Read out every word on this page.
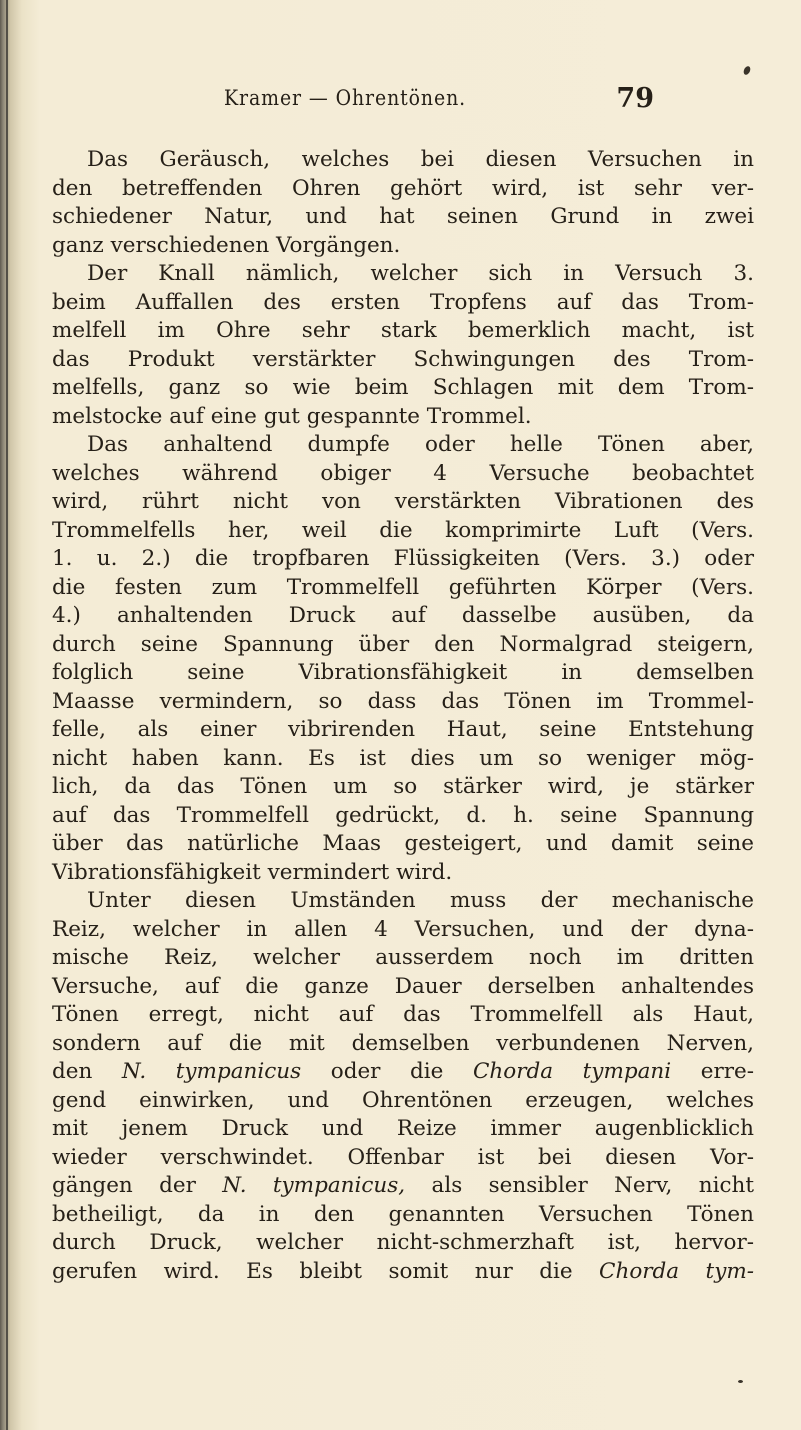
Kramer — Ohrentönen.	79
Das Geräusch, welches bei diesen Versuchen in
den betreffenden Ohren gehört wird, ist sehr ver-
schiedener Natur, und hat seinen Grund in zwei
ganz verschiedenen Vorgängen.
Der Knall nämlich, welcher sich in Versuch 3.
beim Auffallen des ersten Tropfens auf das Trom-
melfell im Ohre sehr stark bemerklich macht, ist
das Produkt verstärkter Schwingungen des Trom-
melfells, ganz so wie beim Schlagen mit dem Trom-
melstocke auf eine gut gespannte Trommel.
Das anhaltend dumpfe oder helle Tönen aber,
welches während obiger 4 Versuche beobachtet
wird, rührt nicht von verstärkten Vibrationen des
Trommelfells her, weil die komprimirte Luft (Vers.
1. u. 2.) die tropfbaren Flüssigkeiten (Vers. 3.) oder
die festen zum Trommelfell geführten Körper (Vers.
4.) anhaltenden Druck auf dasselbe ausüben, da
durch seine Spannung über den Normalgrad steigern,
folglich seine Vibrationsfähigkeit in demselben
Maasse vermindern, so dass das Tönen im Trommel-
felle, als einer vibrirenden Haut, seine Entstehung
nicht haben kann. Es ist dies um so weniger mög-
lich, da das Tönen um so stärker wird, je stärker
auf das Trommelfell gedrückt, d. h. seine Spannung
über das natürliche Maas gesteigert, und damit seine
Vibrationsfähigkeit vermindert wird.
Unter diesen Umständen muss der mechanische
Reiz, welcher in allen 4 Versuchen, und der dyna-
mische Reiz, welcher ausserdem noch im dritten
Versuche, auf die ganze Dauer derselben anhaltendes
Tönen erregt, nicht auf das Trommelfell als Haut,
sondern auf die mit demselben verbundenen Nerven,
den N. tympanicus oder die Chorda tympani erre-
gend einwirken, und Ohrentönen erzeugen, welches
mit jenem Druck und Reize immer augenblicklich
wieder verschwindet. Offenbar ist bei diesen Vor-
gängen der N. tympanicus, als sensibler Nerv, nicht
betheiligt, da in den genannten Versuchen Tönen
durch Druck, welcher nicht-schmerzhaft ist, hervor-
gerufen wird. Es bleibt somit nur die Chorda tym-
